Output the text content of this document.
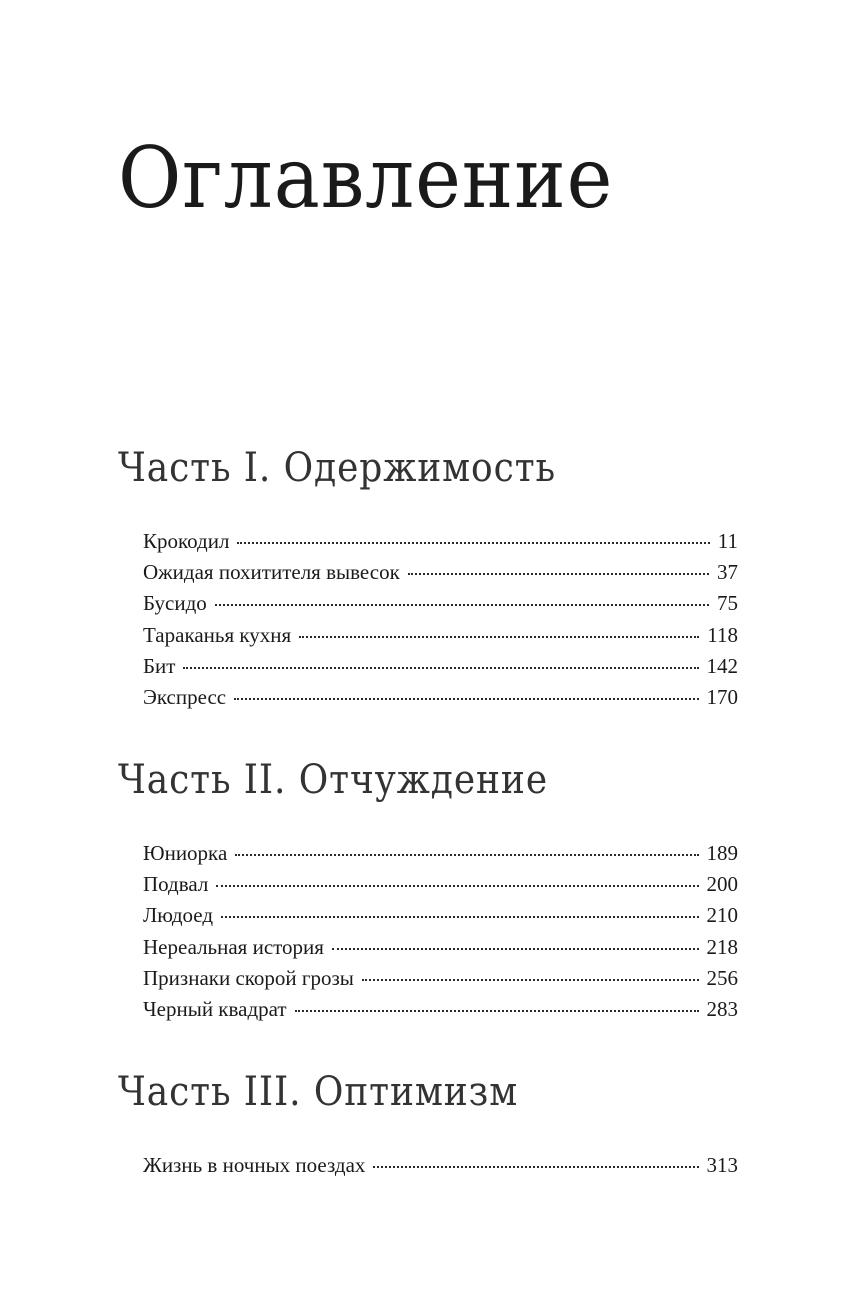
Оглавление
Часть I. Одержимость
Крокодил	11
Ожидая похитителя вывесок	37
Бусидо	75
Тараканья кухня	118
Бит	142
Экспресс	170
Часть II. Отчуждение
Юниорка	189
Подвал	200
Людоед	210
Нереальная история	218
Признаки скорой грозы	256
Черный квадрат	283
Часть III. Оптимизм
Жизнь в ночных поездах	313
